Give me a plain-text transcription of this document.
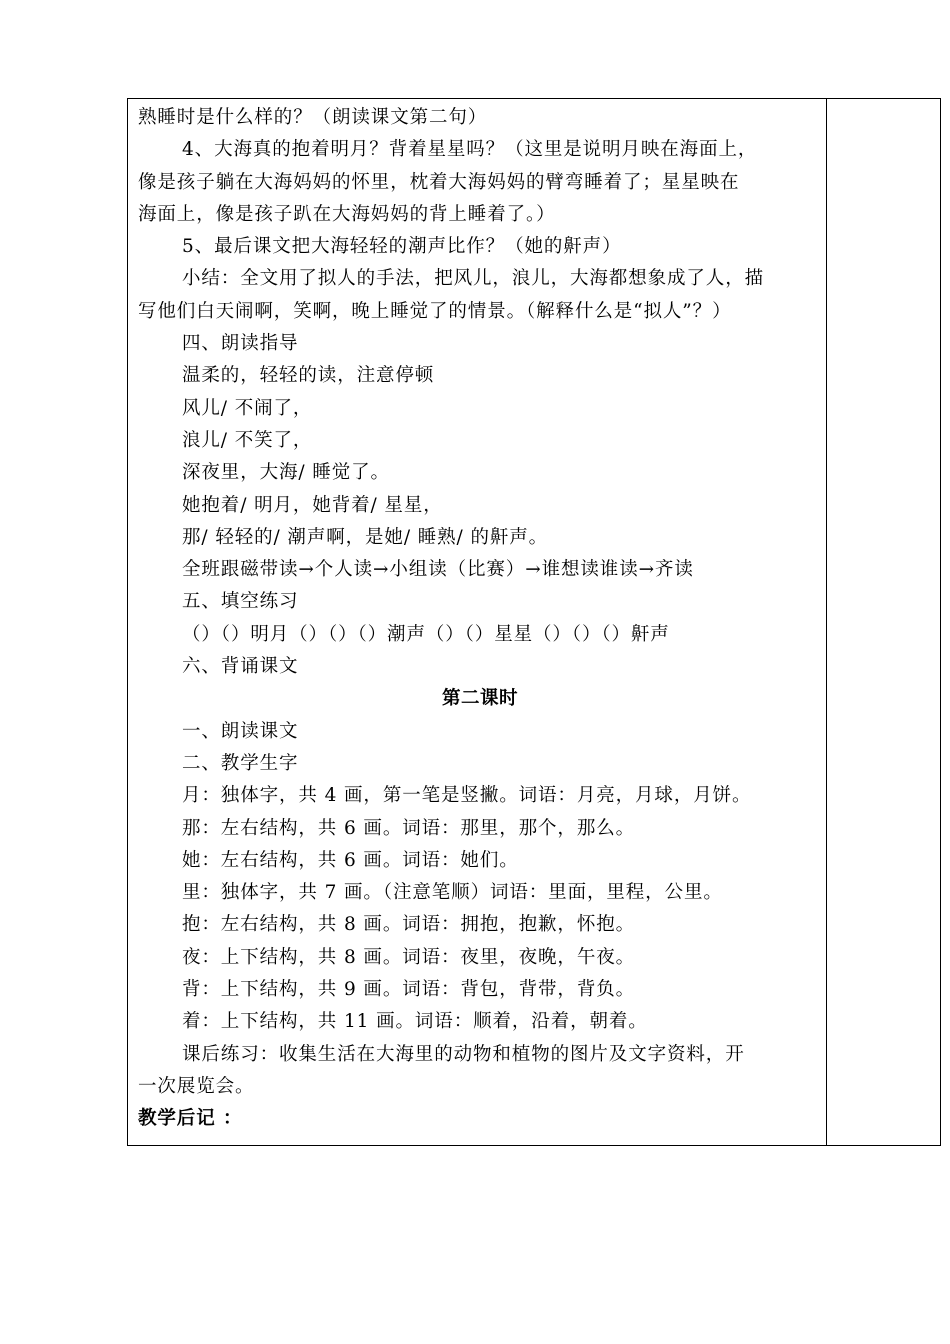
熟睡时是什么样的？（朗读课文第二句）
4、大海真的抱着明月？背着星星吗？（这里是说明月映在海面上，
像是孩子躺在大海妈妈的怀里，枕着大海妈妈的臂弯睡着了；星星映在
海面上，像是孩子趴在大海妈妈的背上睡着了。）
5、最后课文把大海轻轻的潮声比作？（她的鼾声）
小结：全文用了拟人的手法，把风儿，浪儿，大海都想象成了人，描
写他们白天闹啊，笑啊，晚上睡觉了的情景。（解释什么是“拟人”？）
四、朗读指导
温柔的，轻轻的读，注意停顿
风儿/ 不闹了，
浪儿/ 不笑了，
深夜里，大海/ 睡觉了。
她抱着/ 明月，她背着/ 星星，
那/ 轻轻的/ 潮声啊，是她/ 睡熟/ 的鼾声。
全班跟磁带读→个人读→小组读（比赛）→谁想读谁读→齐读
五、填空练习
（）（）明月（）（）（）潮声（）（）星星（）（）（）鼾声
六、背诵课文
第二课时
一、朗读课文
二、教学生字
月：独体字，共 4 画，第一笔是竖撇。词语：月亮，月球，月饼。
那：左右结构，共 6 画。词语：那里，那个，那么。
她：左右结构，共 6 画。词语：她们。
里：独体字，共 7 画。（注意笔顺）词语：里面，里程，公里。
抱：左右结构，共 8 画。词语：拥抱，抱歉，怀抱。
夜：上下结构，共 8 画。词语：夜里，夜晚，午夜。
背：上下结构，共 9 画。词语：背包，背带，背负。
着：上下结构，共 11 画。词语：顺着，沿着，朝着。
课后练习：收集生活在大海里的动物和植物的图片及文字资料，开
一次展览会。
教学后记 ：
